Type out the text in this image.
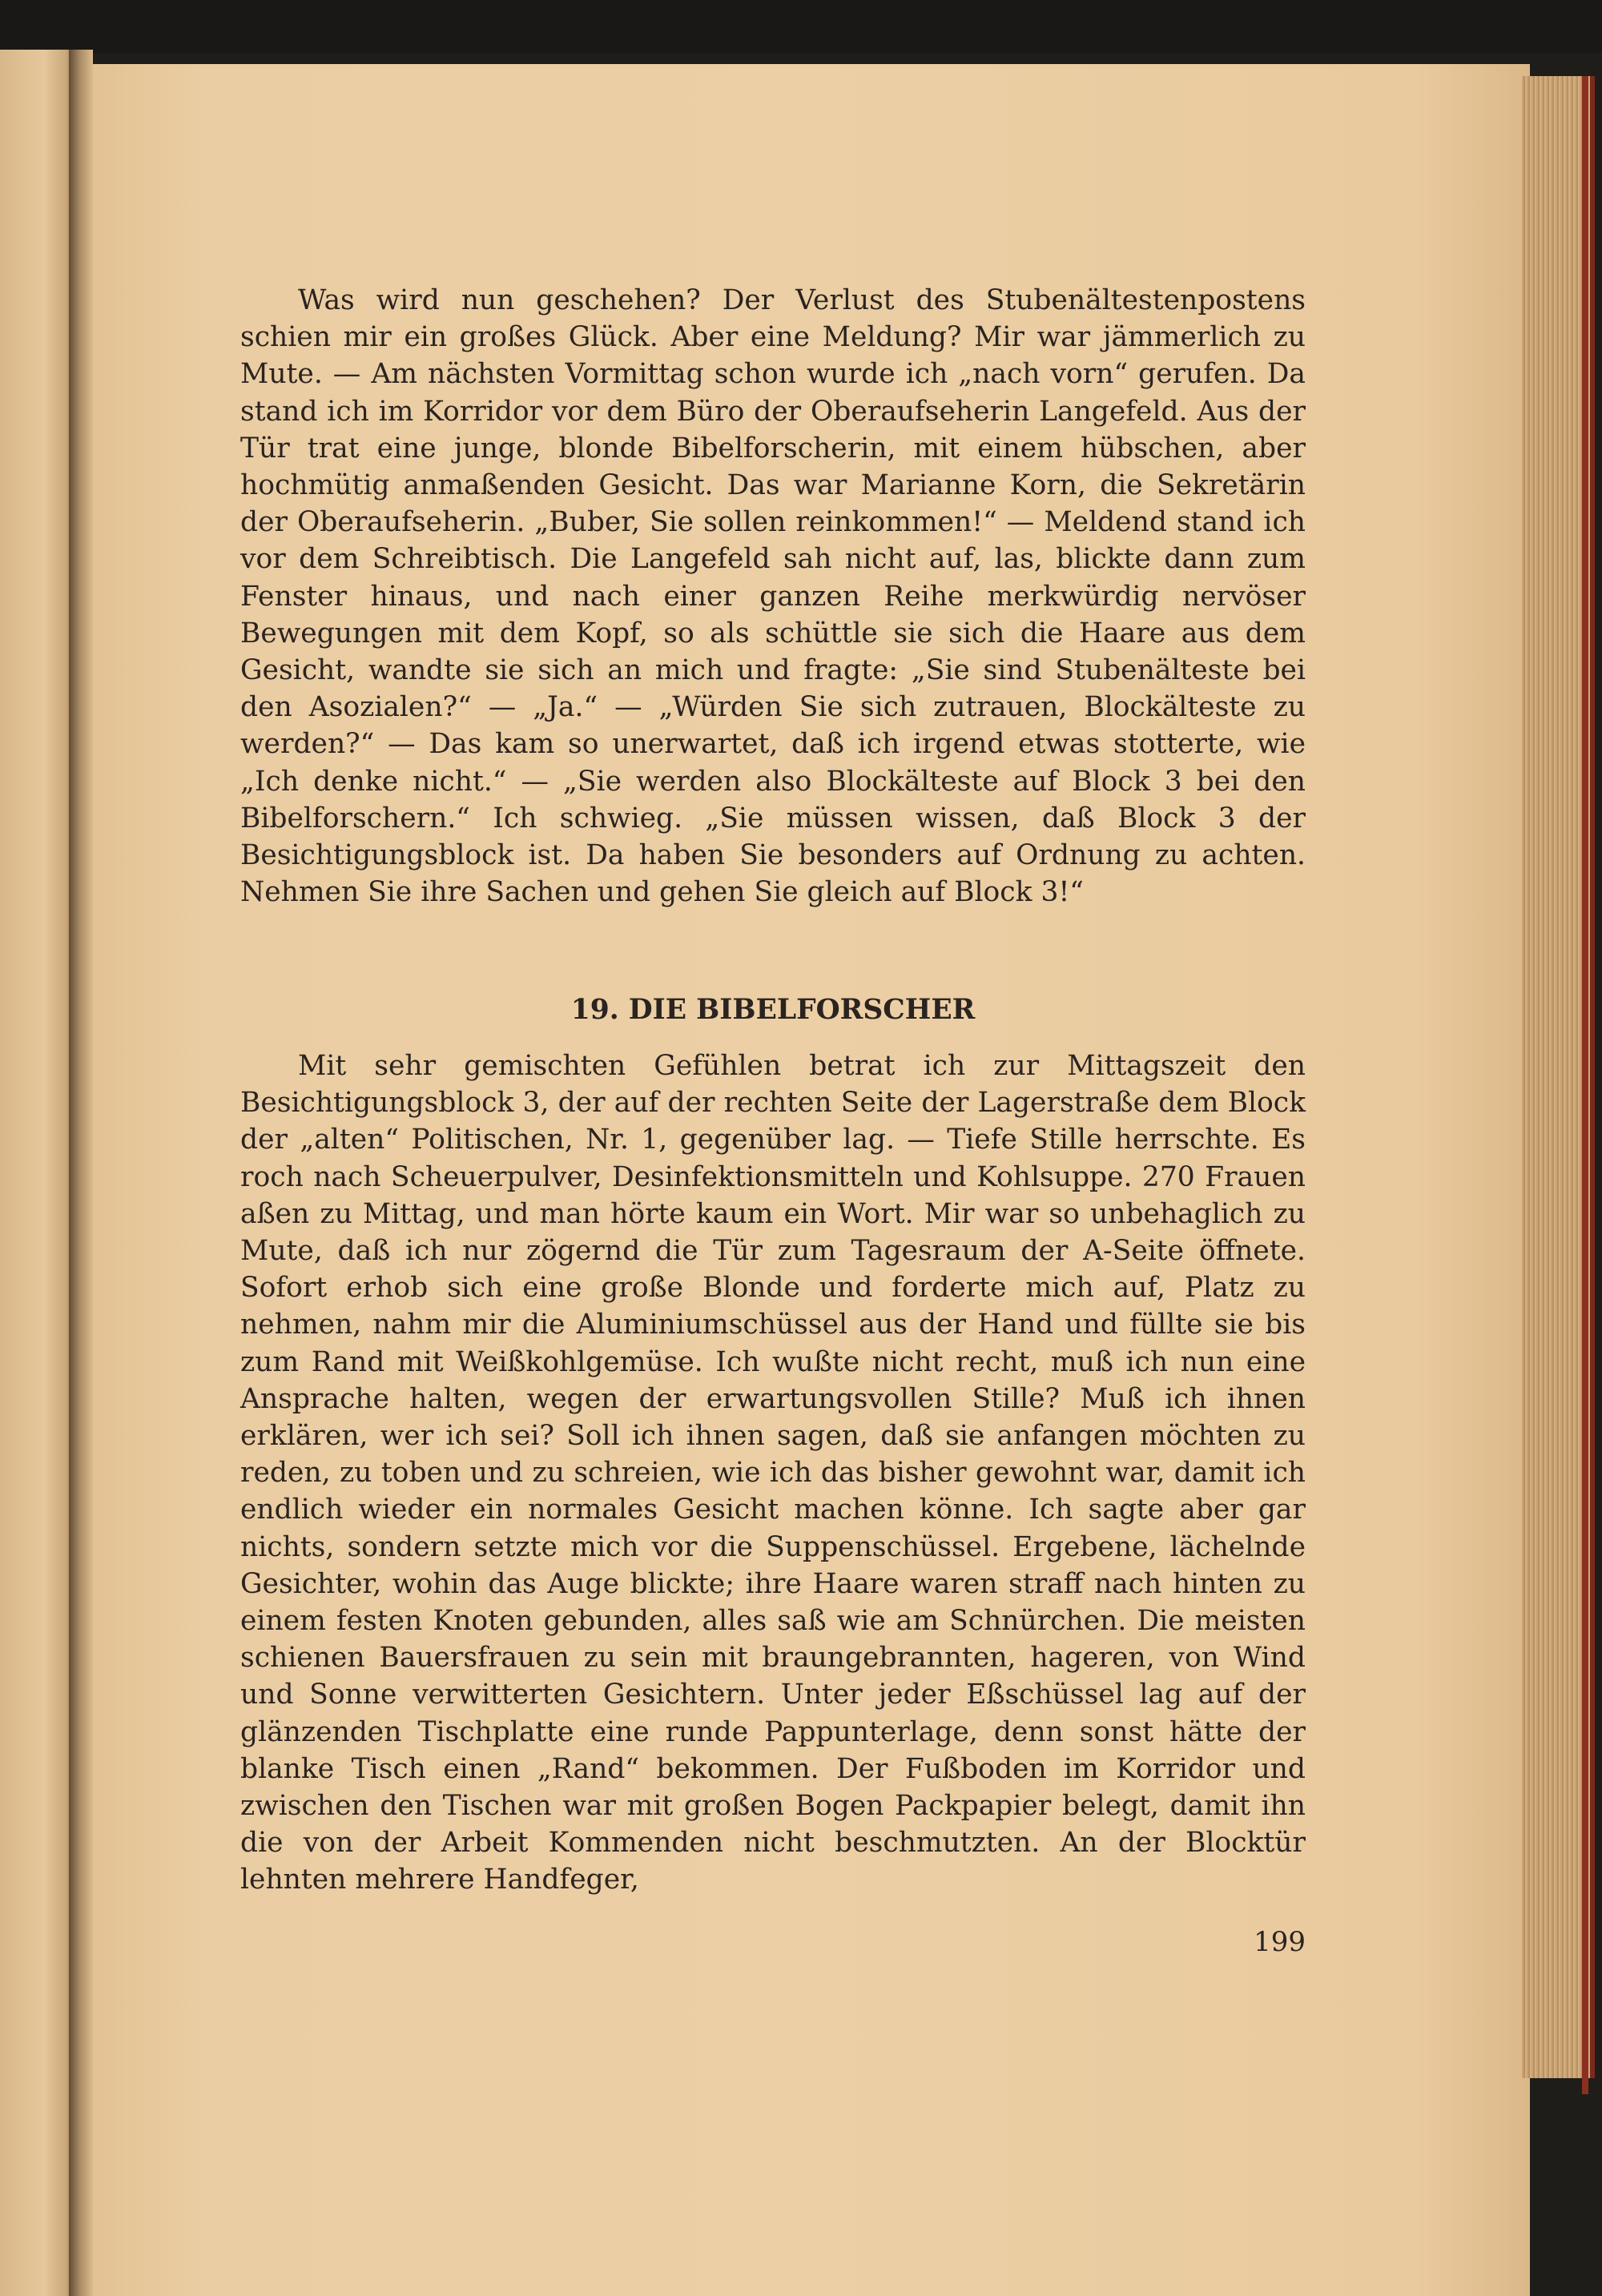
Was wird nun geschehen? Der Verlust des Stubenältestenpostens schien mir ein großes Glück. Aber eine Meldung? Mir war jämmerlich zu Mute. — Am nächsten Vormittag schon wurde ich „nach vorn“ gerufen. Da stand ich im Korridor vor dem Büro der Oberaufseherin Langefeld. Aus der Tür trat eine junge, blonde Bibelforscherin, mit einem hübschen, aber hochmütig anmaßenden Gesicht. Das war Marianne Korn, die Sekretärin der Oberaufseherin. „Buber, Sie sollen reinkommen!“ — Meldend stand ich vor dem Schreibtisch. Die Langefeld sah nicht auf, las, blickte dann zum Fenster hinaus, und nach einer ganzen Reihe merkwürdig nervöser Bewegungen mit dem Kopf, so als schüttle sie sich die Haare aus dem Gesicht, wandte sie sich an mich und fragte: „Sie sind Stubenälteste bei den Asozialen?“ — „Ja.“ — „Würden Sie sich zutrauen, Blockälteste zu werden?“ — Das kam so unerwartet, daß ich irgend etwas stotterte, wie „Ich denke nicht.“ — „Sie werden also Blockälteste auf Block 3 bei den Bibelforschern.“ Ich schwieg. „Sie müssen wissen, daß Block 3 der Besichtigungsblock ist. Da haben Sie besonders auf Ordnung zu achten. Nehmen Sie ihre Sachen und gehen Sie gleich auf Block 3!“
19. DIE BIBELFORSCHER
Mit sehr gemischten Gefühlen betrat ich zur Mittagszeit den Besichtigungsblock 3, der auf der rechten Seite der Lagerstraße dem Block der „alten“ Politischen, Nr. 1, gegenüber lag. — Tiefe Stille herrschte. Es roch nach Scheuerpulver, Desinfektionsmitteln und Kohlsuppe. 270 Frauen aßen zu Mittag, und man hörte kaum ein Wort. Mir war so unbehaglich zu Mute, daß ich nur zögernd die Tür zum Tagesraum der A-Seite öffnete. Sofort erhob sich eine große Blonde und forderte mich auf, Platz zu nehmen, nahm mir die Aluminiumschüssel aus der Hand und füllte sie bis zum Rand mit Weißkohlgemüse. Ich wußte nicht recht, muß ich nun eine Ansprache halten, wegen der erwartungsvollen Stille? Muß ich ihnen erklären, wer ich sei? Soll ich ihnen sagen, daß sie anfangen möchten zu reden, zu toben und zu schreien, wie ich das bisher gewohnt war, damit ich endlich wieder ein normales Gesicht machen könne. Ich sagte aber gar nichts, sondern setzte mich vor die Suppenschüssel. Ergebene, lächelnde Gesichter, wohin das Auge blickte; ihre Haare waren straff nach hinten zu einem festen Knoten gebunden, alles saß wie am Schnürchen. Die meisten schienen Bauersfrauen zu sein mit braungebrannten, hageren, von Wind und Sonne verwitterten Gesichtern. Unter jeder Eßschüssel lag auf der glänzenden Tischplatte eine runde Pappunterlage, denn sonst hätte der blanke Tisch einen „Rand“ bekommen. Der Fußboden im Korridor und zwischen den Tischen war mit großen Bogen Packpapier belegt, damit ihn die von der Arbeit Kommenden nicht beschmutzten. An der Blocktür lehnten mehrere Handfeger,
199
